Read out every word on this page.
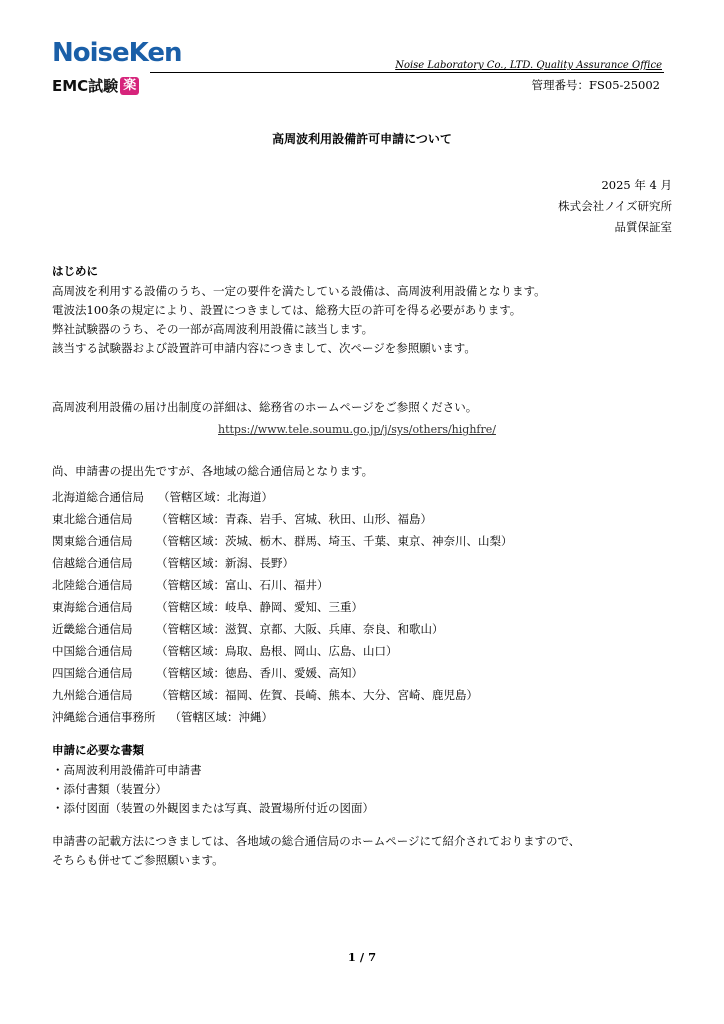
NoiseKen
EMC試験 楽
Noise Laboratory Co., LTD. Quality Assurance Office
管理番号：FS05-25002
高周波利用設備許可申請について
2025 年 4 月
株式会社ノイズ研究所
品質保証室
はじめに
高周波を利用する設備のうち、一定の要件を満たしている設備は、高周波利用設備となります。
電波法100条の規定により、設置につきましては、総務大臣の許可を得る必要があります。
弊社試験器のうち、その一部が高周波利用設備に該当します。
該当する試験器および設置許可申請内容につきまして、次ページを参照願います。
高周波利用設備の届け出制度の詳細は、総務省のホームページをご参照ください。
https://www.tele.soumu.go.jp/j/sys/others/highfre/
尚、申請書の提出先ですが、各地域の総合通信局となります。
北海道総合通信局 （管轄区域：北海道）
東北総合通信局	（管轄区域：青森、岩手、宮城、秋田、山形、福島）
関東総合通信局	（管轄区域：茨城、栃木、群馬、埼玉、千葉、東京、神奈川、山梨）
信越総合通信局	（管轄区域：新潟、長野）
北陸総合通信局	（管轄区域：富山、石川、福井）
東海総合通信局	（管轄区域：岐阜、静岡、愛知、三重）
近畿総合通信局	（管轄区域：滋賀、京都、大阪、兵庫、奈良、和歌山）
中国総合通信局	（管轄区域：鳥取、島根、岡山、広島、山口）
四国総合通信局	（管轄区域：徳島、香川、愛媛、高知）
九州総合通信局	（管轄区域：福岡、佐賀、長崎、熊本、大分、宮崎、鹿児島）
沖縄総合通信事務所 （管轄区域：沖縄）
申請に必要な書類
・高周波利用設備許可申請書
・添付書類（装置分）
・添付図面（装置の外観図または写真、設置場所付近の図面）
申請書の記載方法につきましては、各地域の総合通信局のホームページにて紹介されておりますので、
そちらも併せてご参照願います。
1 / 7
